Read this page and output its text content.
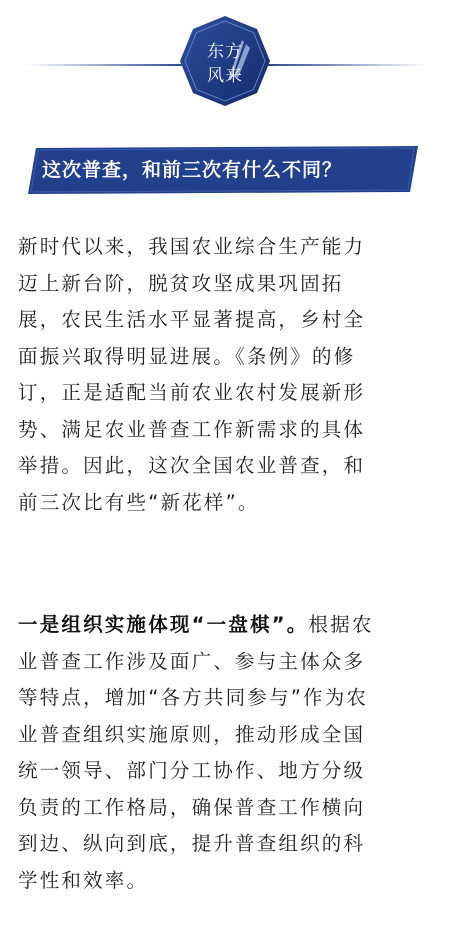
东方
风来
这次普查，和前三次有什么不同？
新时代以来，我国农业综合生产能力
迈上新台阶，脱贫攻坚成果巩固拓
展，农民生活水平显著提高，乡村全
面振兴取得明显进展。《条例》的修
订，正是适配当前农业农村发展新形
势、满足农业普查工作新需求的具体
举措。因此，这次全国农业普查，和
前三次比有些“新花样”。
一是组织实施体现“一盘棋”。根据农
业普查工作涉及面广、参与主体众多
等特点，增加“各方共同参与”作为农
业普查组织实施原则，推动形成全国
统一领导、部门分工协作、地方分级
负责的工作格局，确保普查工作横向
到边、纵向到底，提升普查组织的科
学性和效率。
